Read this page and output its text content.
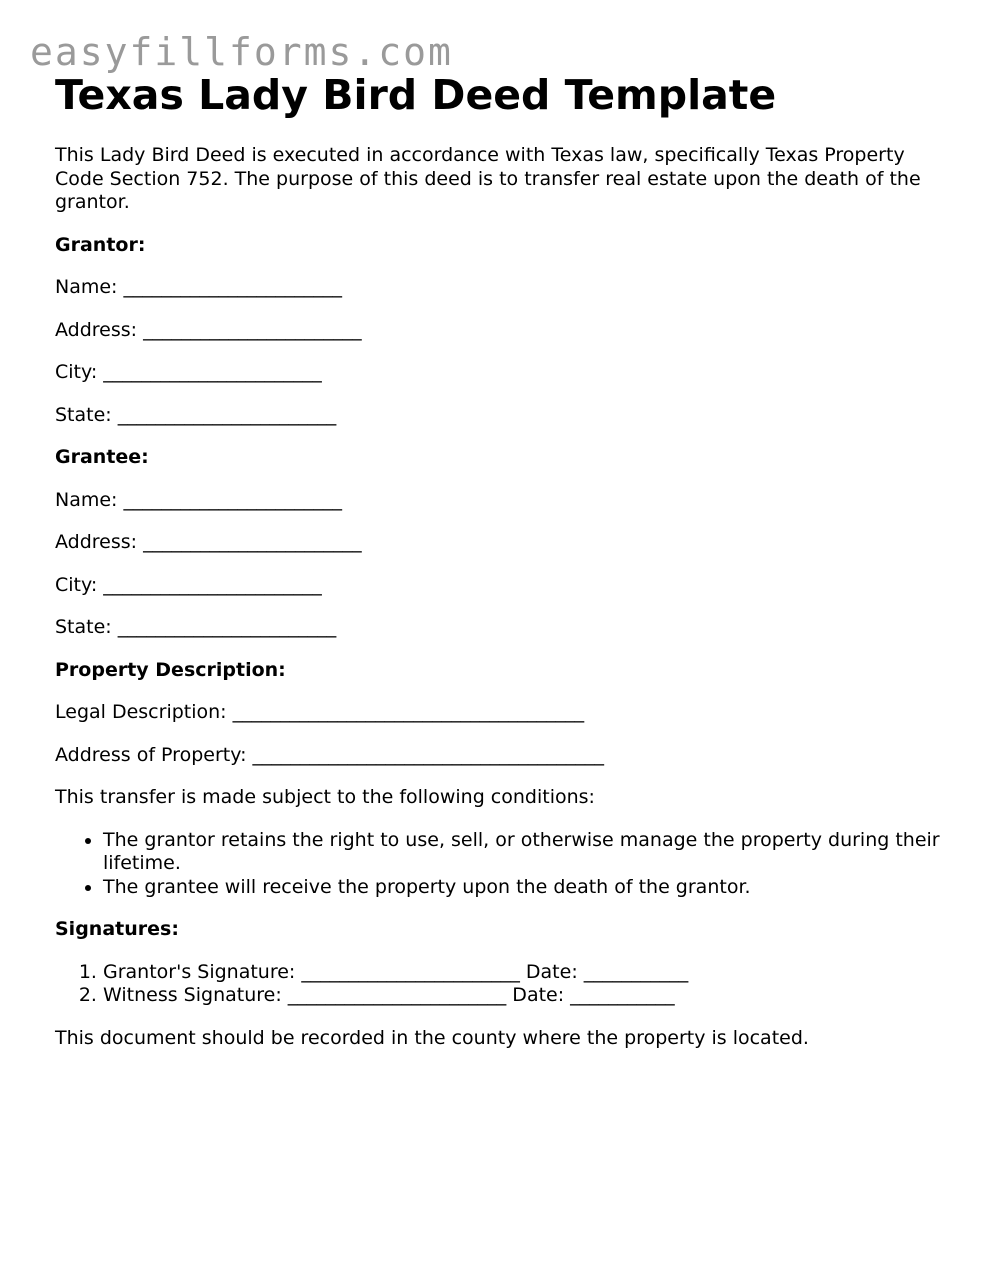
easyfillforms.com
Texas Lady Bird Deed Template

This Lady Bird Deed is executed in accordance with Texas law, specifically Texas Property Code Section 752. The purpose of this deed is to transfer real estate upon the death of the grantor.

Grantor:

Name: _______________________

Address: _______________________

City: _______________________

State: _______________________

Grantee:

Name: _______________________

Address: _______________________

City: _______________________

State: _______________________

Property Description:

Legal Description: _____________________________________

Address of Property: _____________________________________

This transfer is made subject to the following conditions:

• The grantor retains the right to use, sell, or otherwise manage the property during their lifetime.
• The grantee will receive the property upon the death of the grantor.

Signatures:

1. Grantor's Signature: _______________________ Date: ___________
2. Witness Signature: _______________________ Date: ___________

This document should be recorded in the county where the property is located.
